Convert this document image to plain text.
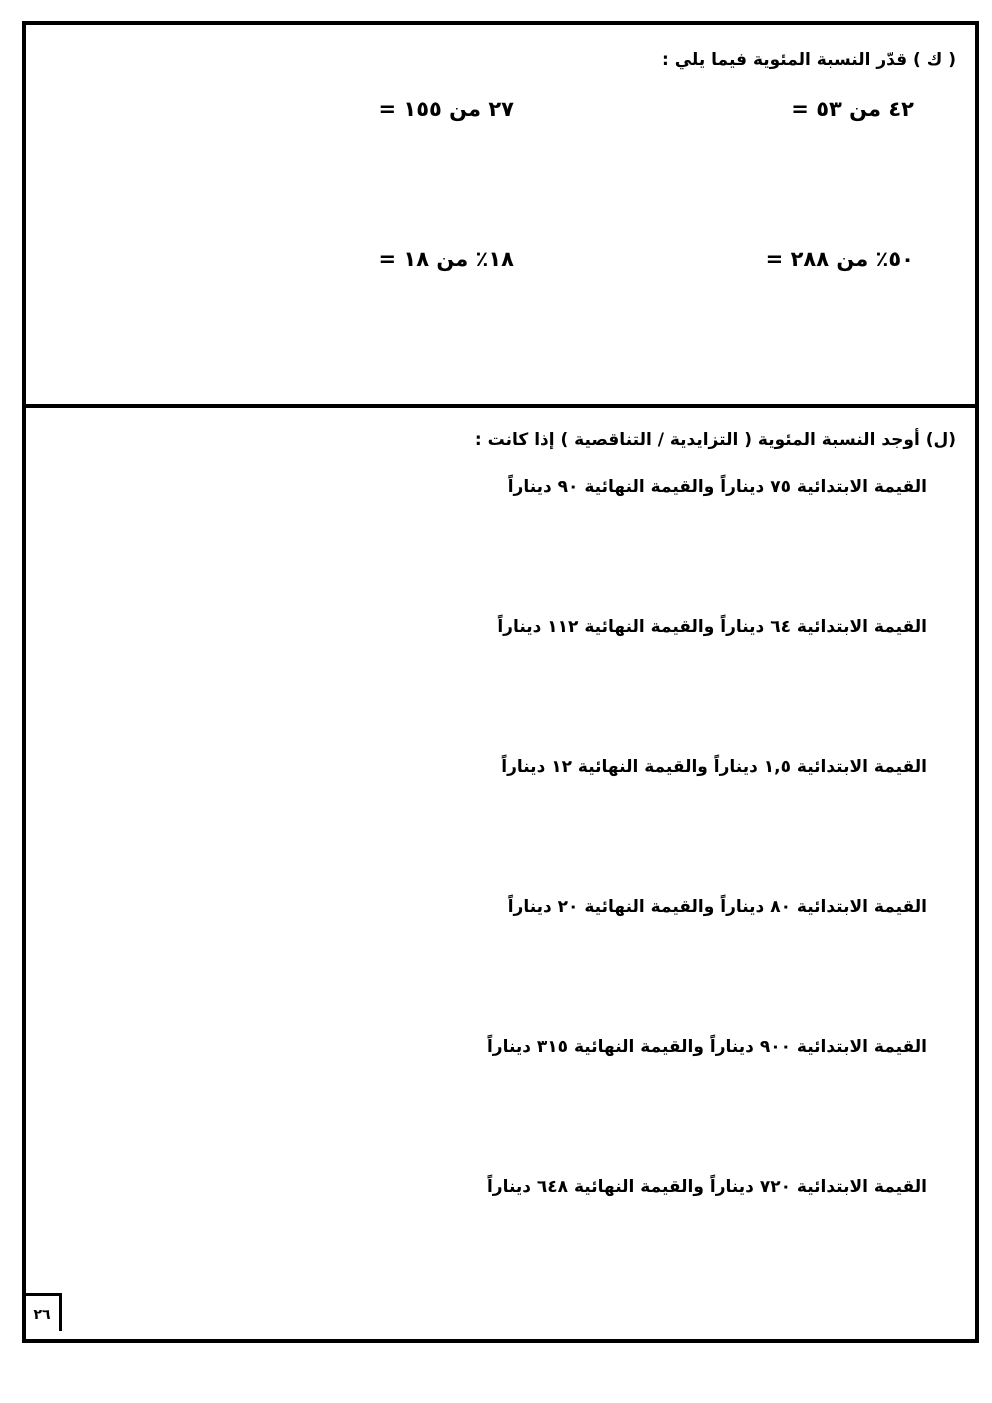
( ك ) قدّر النسبة المئوية فيما يلي :
٤٢ من ٥٣ =
٢٧ من ١٥٥ =
٥٠٪ من ٢٨٨ =
١٨٪ من ١٨ =
(ل) أوجد النسبة المئوية ( التزايدية / التناقصية ) إذا كانت :
القيمة الابتدائية ٧٥ ديناراً والقيمة النهائية ٩٠ ديناراً
القيمة الابتدائية ٦٤ ديناراً والقيمة النهائية ١١٢ ديناراً
القيمة الابتدائية ١,٥ ديناراً والقيمة النهائية ١٢ ديناراً
القيمة الابتدائية ٨٠ ديناراً والقيمة النهائية ٢٠ ديناراً
القيمة الابتدائية ٩٠٠ ديناراً والقيمة النهائية ٣١٥ ديناراً
القيمة الابتدائية ٧٢٠ ديناراً والقيمة النهائية ٦٤٨ ديناراً
٢٦
